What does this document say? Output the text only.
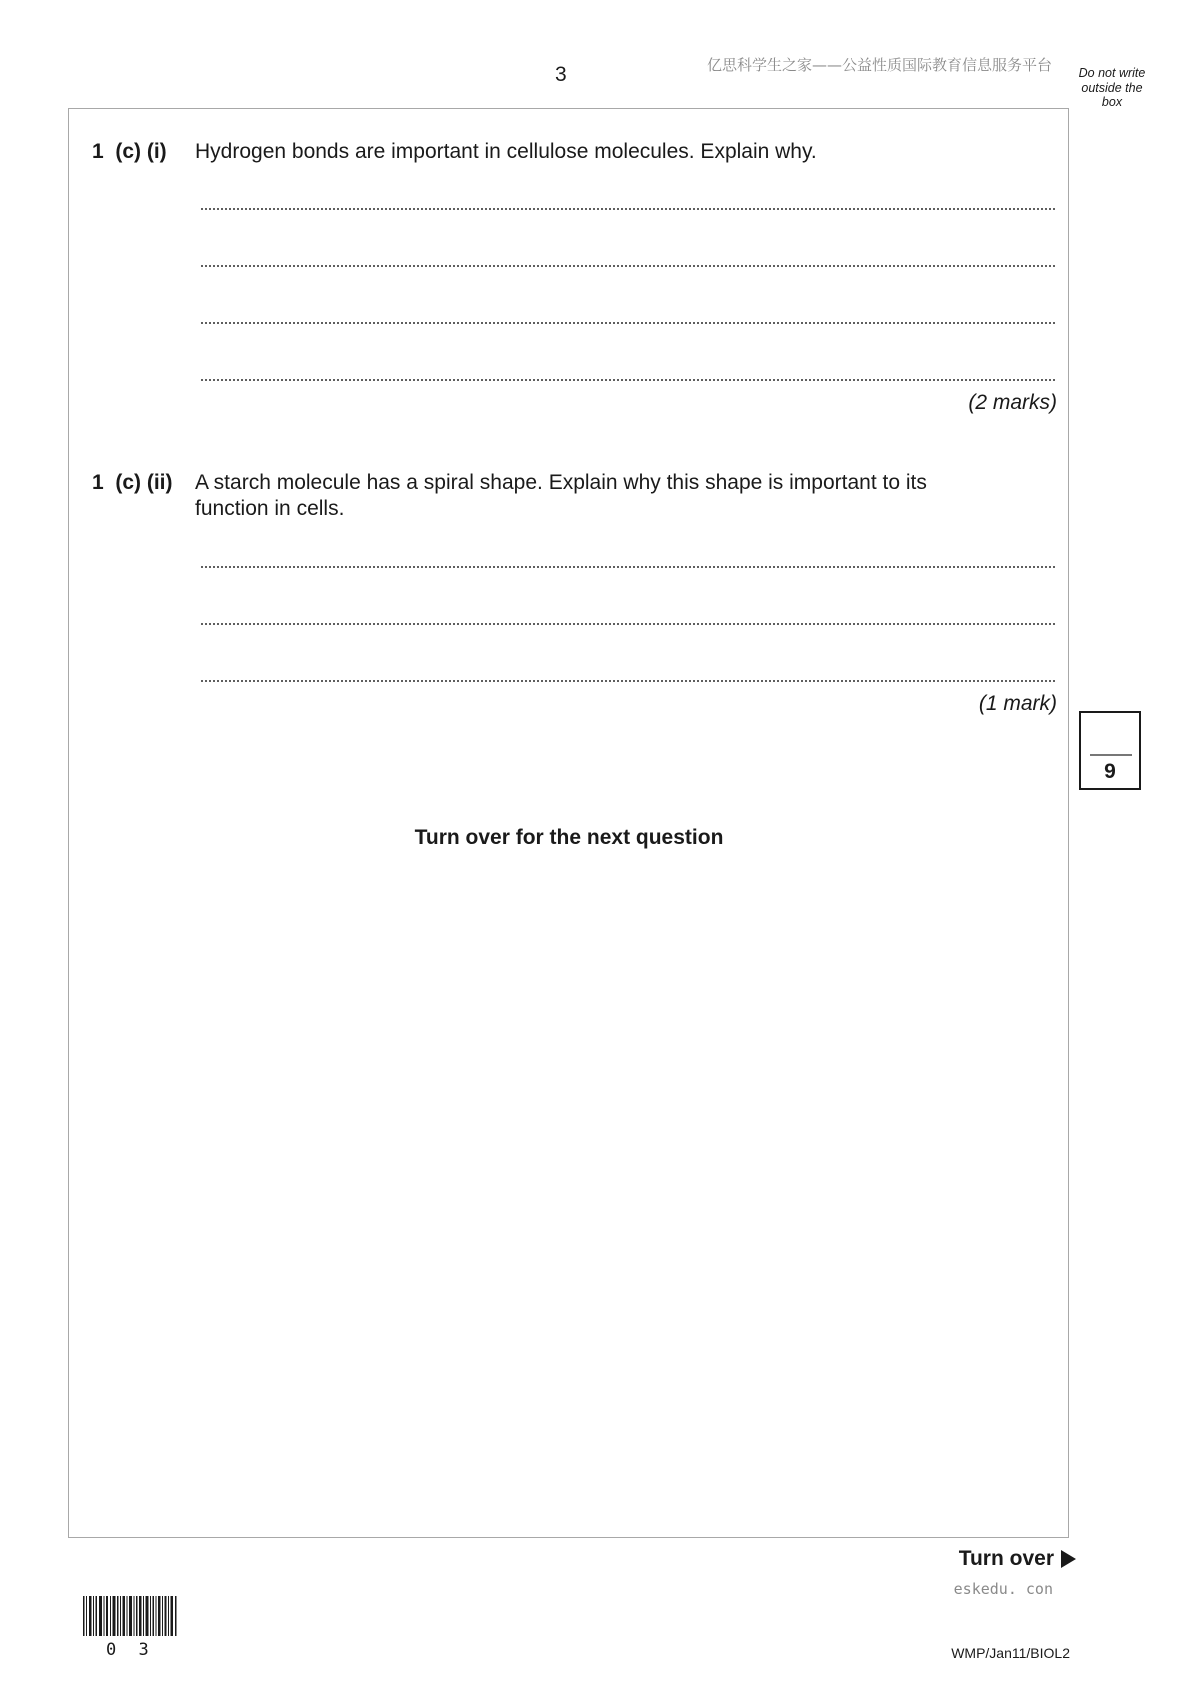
3	亿思科学生之家——公益性质国际教育信息服务平台	Do not write
outside the
box
1  (c) (i) Hydrogen bonds are important in cellulose molecules. Explain why.
(2 marks)
1  (c) (ii) A starch molecule has a spiral shape. Explain why this shape is important to its
function in cells.
(1 mark)
9
Turn over for the next question
Turn over
eskedu. con
0 3	WMP/Jan11/BIOL2
